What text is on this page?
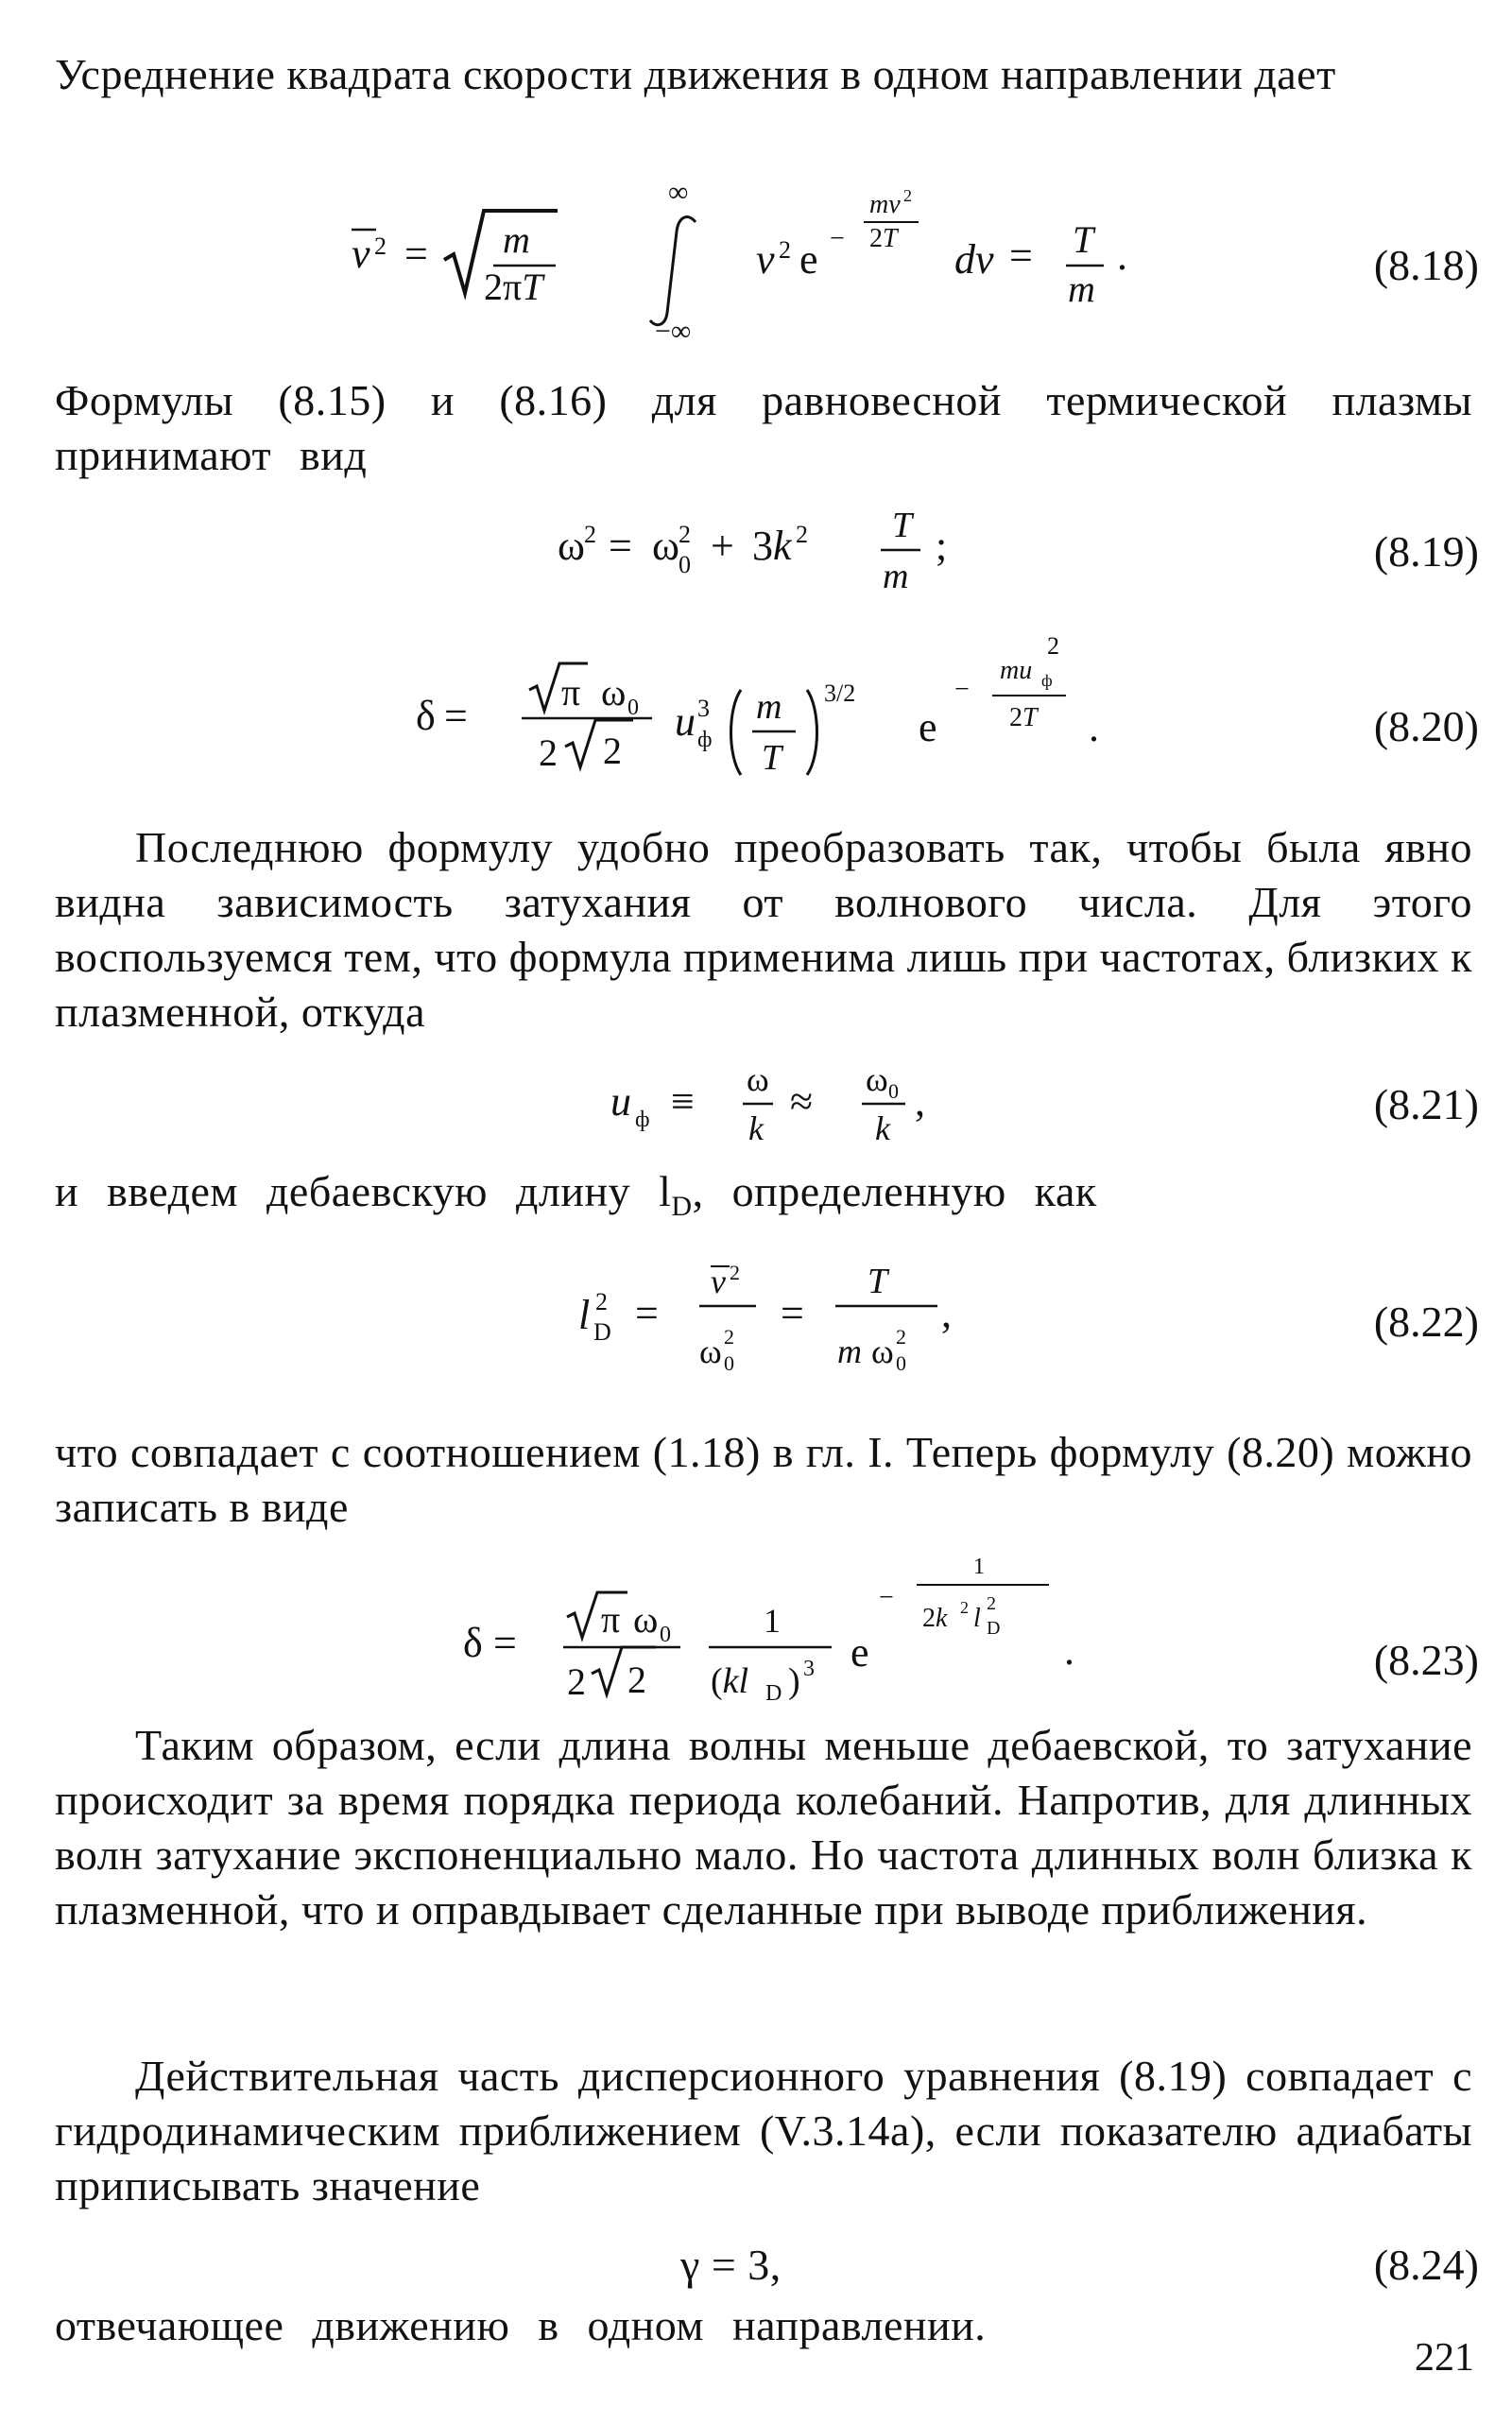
Усреднение квадрата скорости движения в одном направлении дает

v 2 = m
2πT
∞
−∞
v 2 e −
mv 2
2T dv = T
m
.	(8.18)

Формулы (8.15) и (8.16) для равновесной термической плазмы принимают вид

ω 2 = ω 2
0 + 3k 2 T
m
;	(8.19)
δ =
π ω 0
2 2
u 3
ф
m
T
3/2
e
−
2
mu ф
2T .	(8.20)

Последнюю формулу удобно преобразовать так, чтобы была явно видна зависимость затухания от волнового числа. Для этого воспользуемся тем, что формула применима лишь при частотах, близких к плазменной, откуда

u ф ≡ ω
k
≈ ω 0
k
,	(8.21)

и введем дебаевскую длину $l_D$, определенную как

l 2
D =
v 2
ω 2
0
=
T
m ω 2
0
,	(8.22)

что совпадает с соотношением (1.18) в гл. I. Теперь формулу (8.20) можно записать в виде

δ =
π ω 0
2 2
1
(kl D ) 3 e
−
1
2k 2 l 2
D .	(8.23)

Таким образом, если длина волны меньше дебаевской, то затухание происходит за время порядка периода колебаний. Напротив, для длинных волн затухание экспоненциально мало. Но частота длинных волн близка к плазменной, что и оправдывает сделанные при выводе приближения.

Действительная часть дисперсионного уравнения (8.19) совпадает с гидродинамическим приближением (V.3.14a), если показателю адиабаты приписывать значение

γ = 3,	(8.24)

отвечающее движению в одном направлении.

221
